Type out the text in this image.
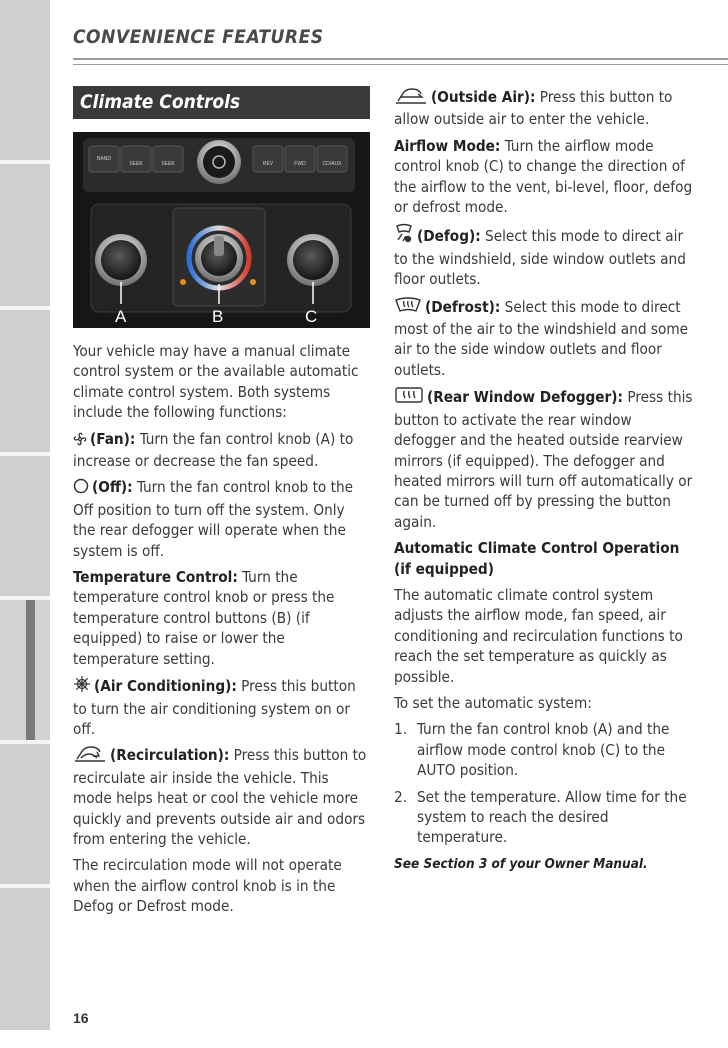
CONVENIENCE FEATURES
Climate Controls
BAND
SEEK	SEEK	REV	FWD	CD/AUX
A	B	C

Your vehicle may have a manual climate control system or the available automatic climate control system. Both systems include the following functions:

(Fan): Turn the fan control knob (A) to increase or decrease the fan speed.

(Off): Turn the fan control knob to the Off position to turn off the system. Only the rear defogger will operate when the system is off.

Temperature Control: Turn the temperature control knob or press the temperature control buttons (B) (if equipped) to raise or lower the temperature setting.

(Air Conditioning): Press this button to turn the air conditioning system on or off.

(Recirculation): Press this button to recirculate air inside the vehicle. This mode helps heat or cool the vehicle more quickly and prevents outside air and odors from entering the vehicle.

The recirculation mode will not operate when the airflow control knob is in the Defog or Defrost mode.

(Outside Air): Press this button to allow outside air to enter the vehicle.

Airflow Mode: Turn the airflow mode control knob (C) to change the direction of the airflow to the vent, bi-level, floor, defog or defrost mode.

(Defog): Select this mode to direct air to the windshield, side window outlets and floor outlets.

(Defrost): Select this mode to direct most of the air to the windshield and some air to the side window outlets and floor outlets.

(Rear Window Defogger): Press this button to activate the rear window defogger and the heated outside rearview mirrors (if equipped). The defogger and heated mirrors will turn off automatically or can be turned off by pressing the button again.

Automatic Climate Control Operation (if equipped)

The automatic climate control system adjusts the airflow mode, fan speed, air conditioning and recirculation functions to reach the set temperature as quickly as possible.

To set the automatic system:

1. Turn the fan control knob (A) and the airflow mode control knob (C) to the AUTO position.
2. Set the temperature. Allow time for the system to reach the desired temperature.
See Section 3 of your Owner Manual.
16
